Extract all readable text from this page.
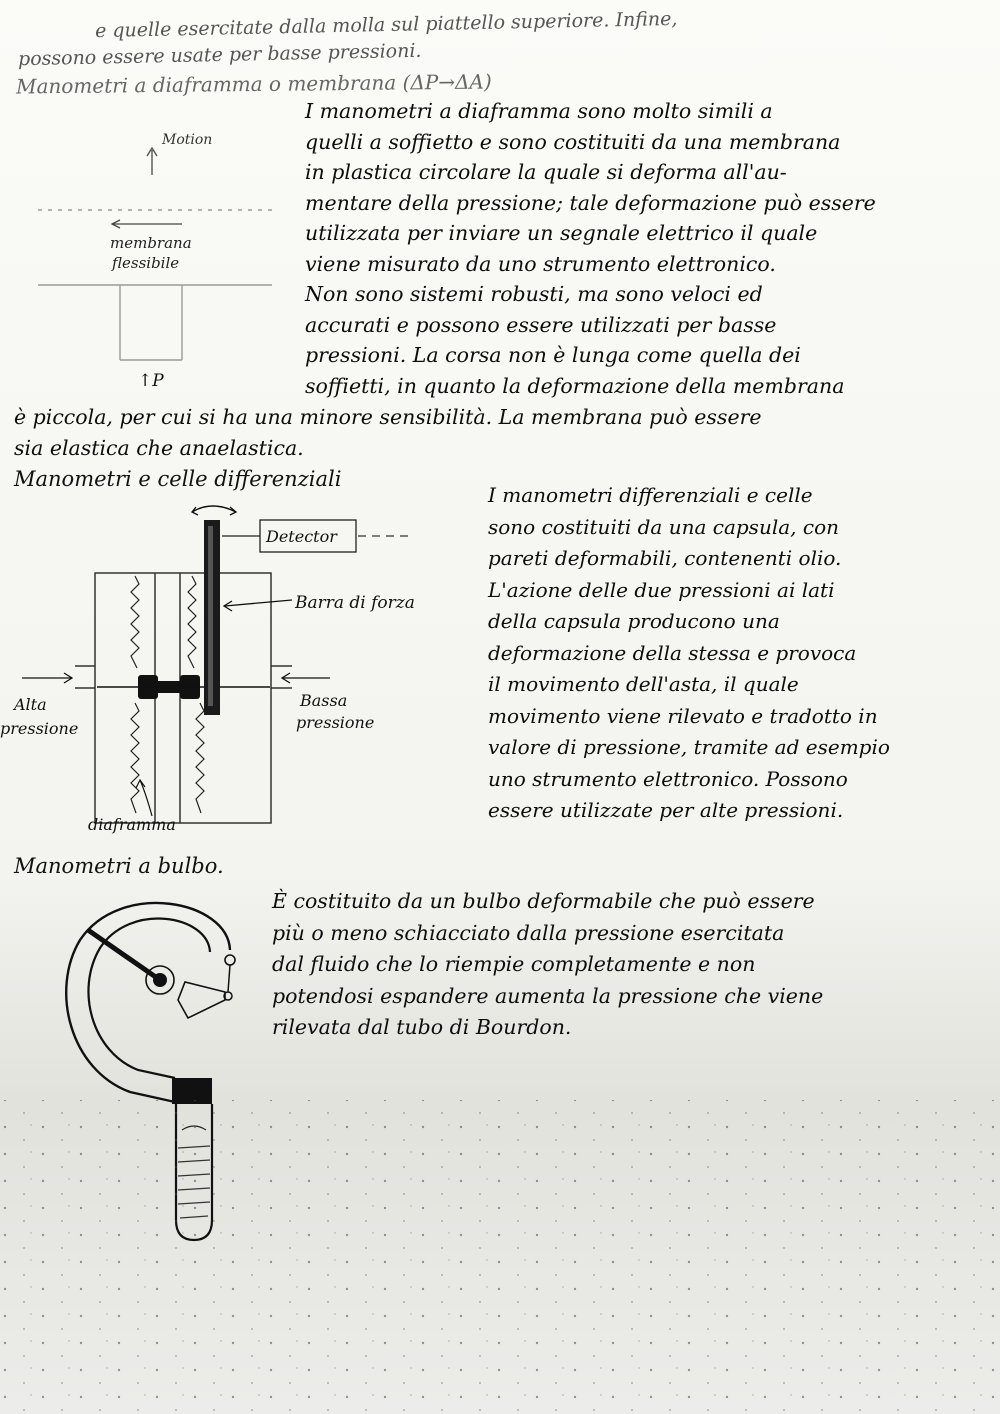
e quelle esercitate dalla molla sul piattello superiore. Infine,
possono essere usate per basse pressioni.
Manometri a diaframma o membrana (ΔP→ΔA)
I manometri a diaframma sono molto simili a
quelli a soffietto e sono costituiti da una membrana
in plastica circolare la quale si deforma all'au-
mentare della pressione; tale deformazione può essere
utilizzata per inviare un segnale elettrico il quale
viene misurato da uno strumento elettronico.
Non sono sistemi robusti, ma sono veloci ed
accurati e possono essere utilizzati per basse
pressioni. La corsa non è lunga come quella dei
soffietti, in quanto la deformazione della membrana
Motion
membrana
flessibile
↑P
è piccola, per cui si ha una minore sensibilità. La membrana può essere
sia elastica che anaelastica.
Manometri e celle differenziali
I manometri differenziali e celle
sono costituiti da una capsula, con
pareti deformabili, contenenti olio.
L'azione delle due pressioni ai lati
della capsula producono una
deformazione della stessa e provoca
il movimento dell'asta, il quale
movimento viene rilevato e tradotto in
valore di pressione, tramite ad esempio
uno strumento elettronico. Possono
essere utilizzate per alte pressioni.
Detector
Barra di forza
Alta
pressione
Bassa
pressione
diaframma
Manometri a bulbo.
È costituito da un bulbo deformabile che può essere
più o meno schiacciato dalla pressione esercitata
dal fluido che lo riempie completamente e non
potendosi espandere aumenta la pressione che viene
rilevata dal tubo di Bourdon.
